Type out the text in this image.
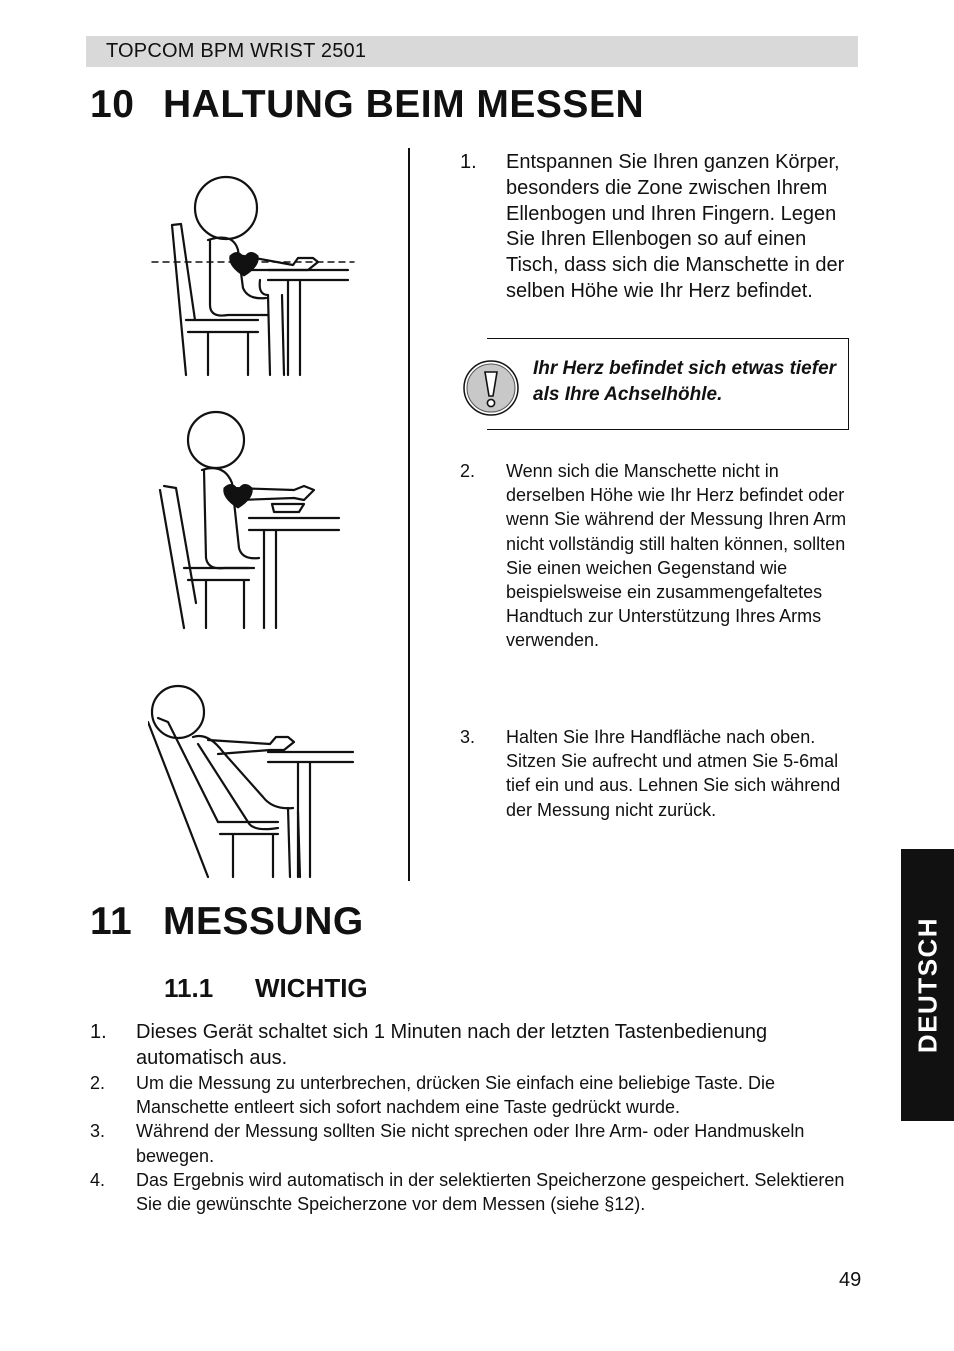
TOPCOM BPM WRIST 2501
10 HALTUNG BEIM MESSEN
1. Entspannen Sie Ihren ganzen Körper, besonders die Zone zwischen Ihrem Ellenbogen und Ihren Fingern. Legen Sie Ihren Ellenbogen so auf einen Tisch, dass sich die Manschette in der selben Höhe wie Ihr Herz befindet.
Ihr Herz befindet sich etwas tiefer als Ihre Achselhöhle.
2. Wenn sich die Manschette nicht in derselben Höhe wie Ihr Herz befindet oder wenn Sie während der Messung Ihren Arm nicht vollständig still halten können, sollten Sie einen weichen Gegenstand wie beispielsweise ein zusammengefaltetes Handtuch zur Unterstützung Ihres Arms verwenden.
3. Halten Sie Ihre Handfläche nach oben. Sitzen Sie aufrecht und atmen Sie 5-6mal tief ein und aus. Lehnen Sie sich während der Messung nicht zurück.
11 MESSUNG
11.1 WICHTIG
1. Dieses Gerät schaltet sich 1 Minuten nach der letzten Tastenbedienung automatisch aus.
2. Um die Messung zu unterbrechen, drücken Sie einfach eine beliebige Taste. Die Manschette entleert sich sofort nachdem eine Taste gedrückt wurde.
3. Während der Messung sollten Sie nicht sprechen oder Ihre Arm- oder Handmuskeln bewegen.
4. Das Ergebnis wird automatisch in der selektierten Speicherzone gespeichert. Selektieren Sie die gewünschte Speicherzone vor dem Messen (siehe §12).
DEUTSCH
49
